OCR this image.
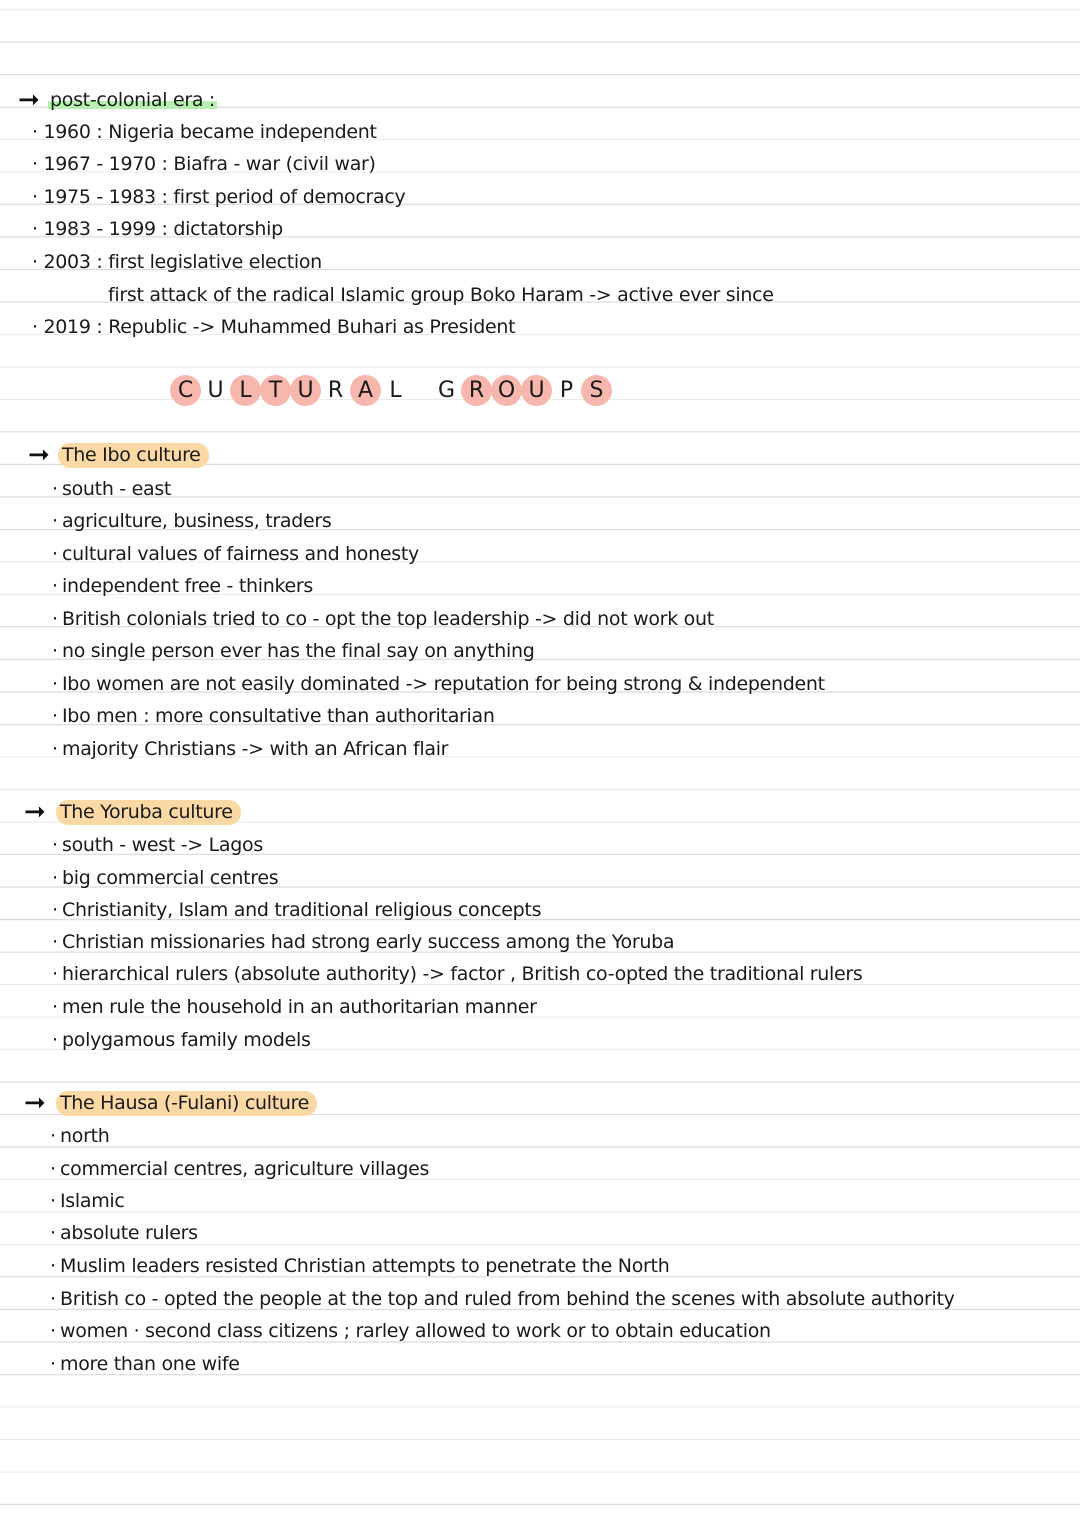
➞ post-colonial era :
· 1960 : Nigeria became independent
· 1967 - 1970 : Biafra - war (civil war)
· 1975 - 1983 : first period of democracy
· 1983 - 1999 : dictatorship
· 2003 : first legislative election
first attack of the radical Islamic group Boko Haram -> active ever since
· 2019 : Republic -> Muhammed Buhari as President
C U L T U R A L G R O U P S
➞ The Ibo culture
· south - east
· agriculture, business, traders
· cultural values of fairness and honesty
· independent free - thinkers
· British colonials tried to co - opt the top leadership -> did not work out
· no single person ever has the final say on anything
· Ibo women are not easily dominated -> reputation for being strong & independent
· Ibo men : more consultative than authoritarian
· majority Christians -> with an African flair
➞ The Yoruba culture
· south - west -> Lagos
· big commercial centres
· Christianity, Islam and traditional religious concepts
· Christian missionaries had strong early success among the Yoruba
· hierarchical rulers (absolute authority) -> factor , British co-opted the traditional rulers
· men rule the household in an authoritarian manner
· polygamous family models
➞ The Hausa (-Fulani) culture
· north
· commercial centres, agriculture villages
· Islamic
· absolute rulers
· Muslim leaders resisted Christian attempts to penetrate the North
· British co - opted the people at the top and ruled from behind the scenes with absolute authority
· women · second class citizens ; rarley allowed to work or to obtain education
· more than one wife
